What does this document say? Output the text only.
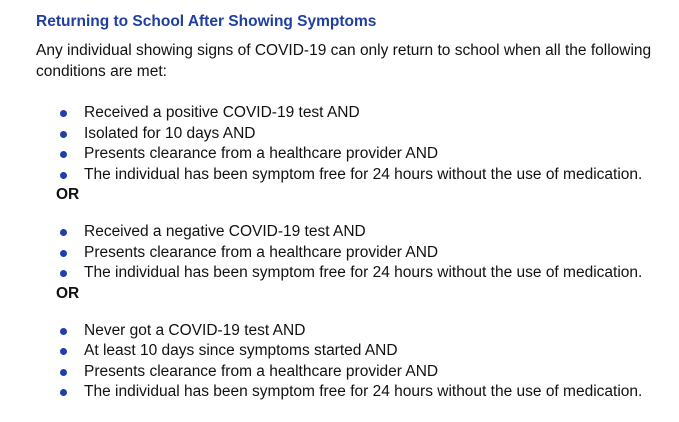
Returning to School After Showing Symptoms

Any individual showing signs of COVID-19 can only return to school when all the following conditions are met:

Received a positive COVID-19 test AND
Isolated for 10 days AND
Presents clearance from a healthcare provider AND
The individual has been symptom free for 24 hours without the use of medication.

OR

Received a negative COVID-19 test AND
Presents clearance from a healthcare provider AND
The individual has been symptom free for 24 hours without the use of medication.

OR

Never got a COVID-19 test AND
At least 10 days since symptoms started AND
Presents clearance from a healthcare provider AND
The individual has been symptom free for 24 hours without the use of medication.
